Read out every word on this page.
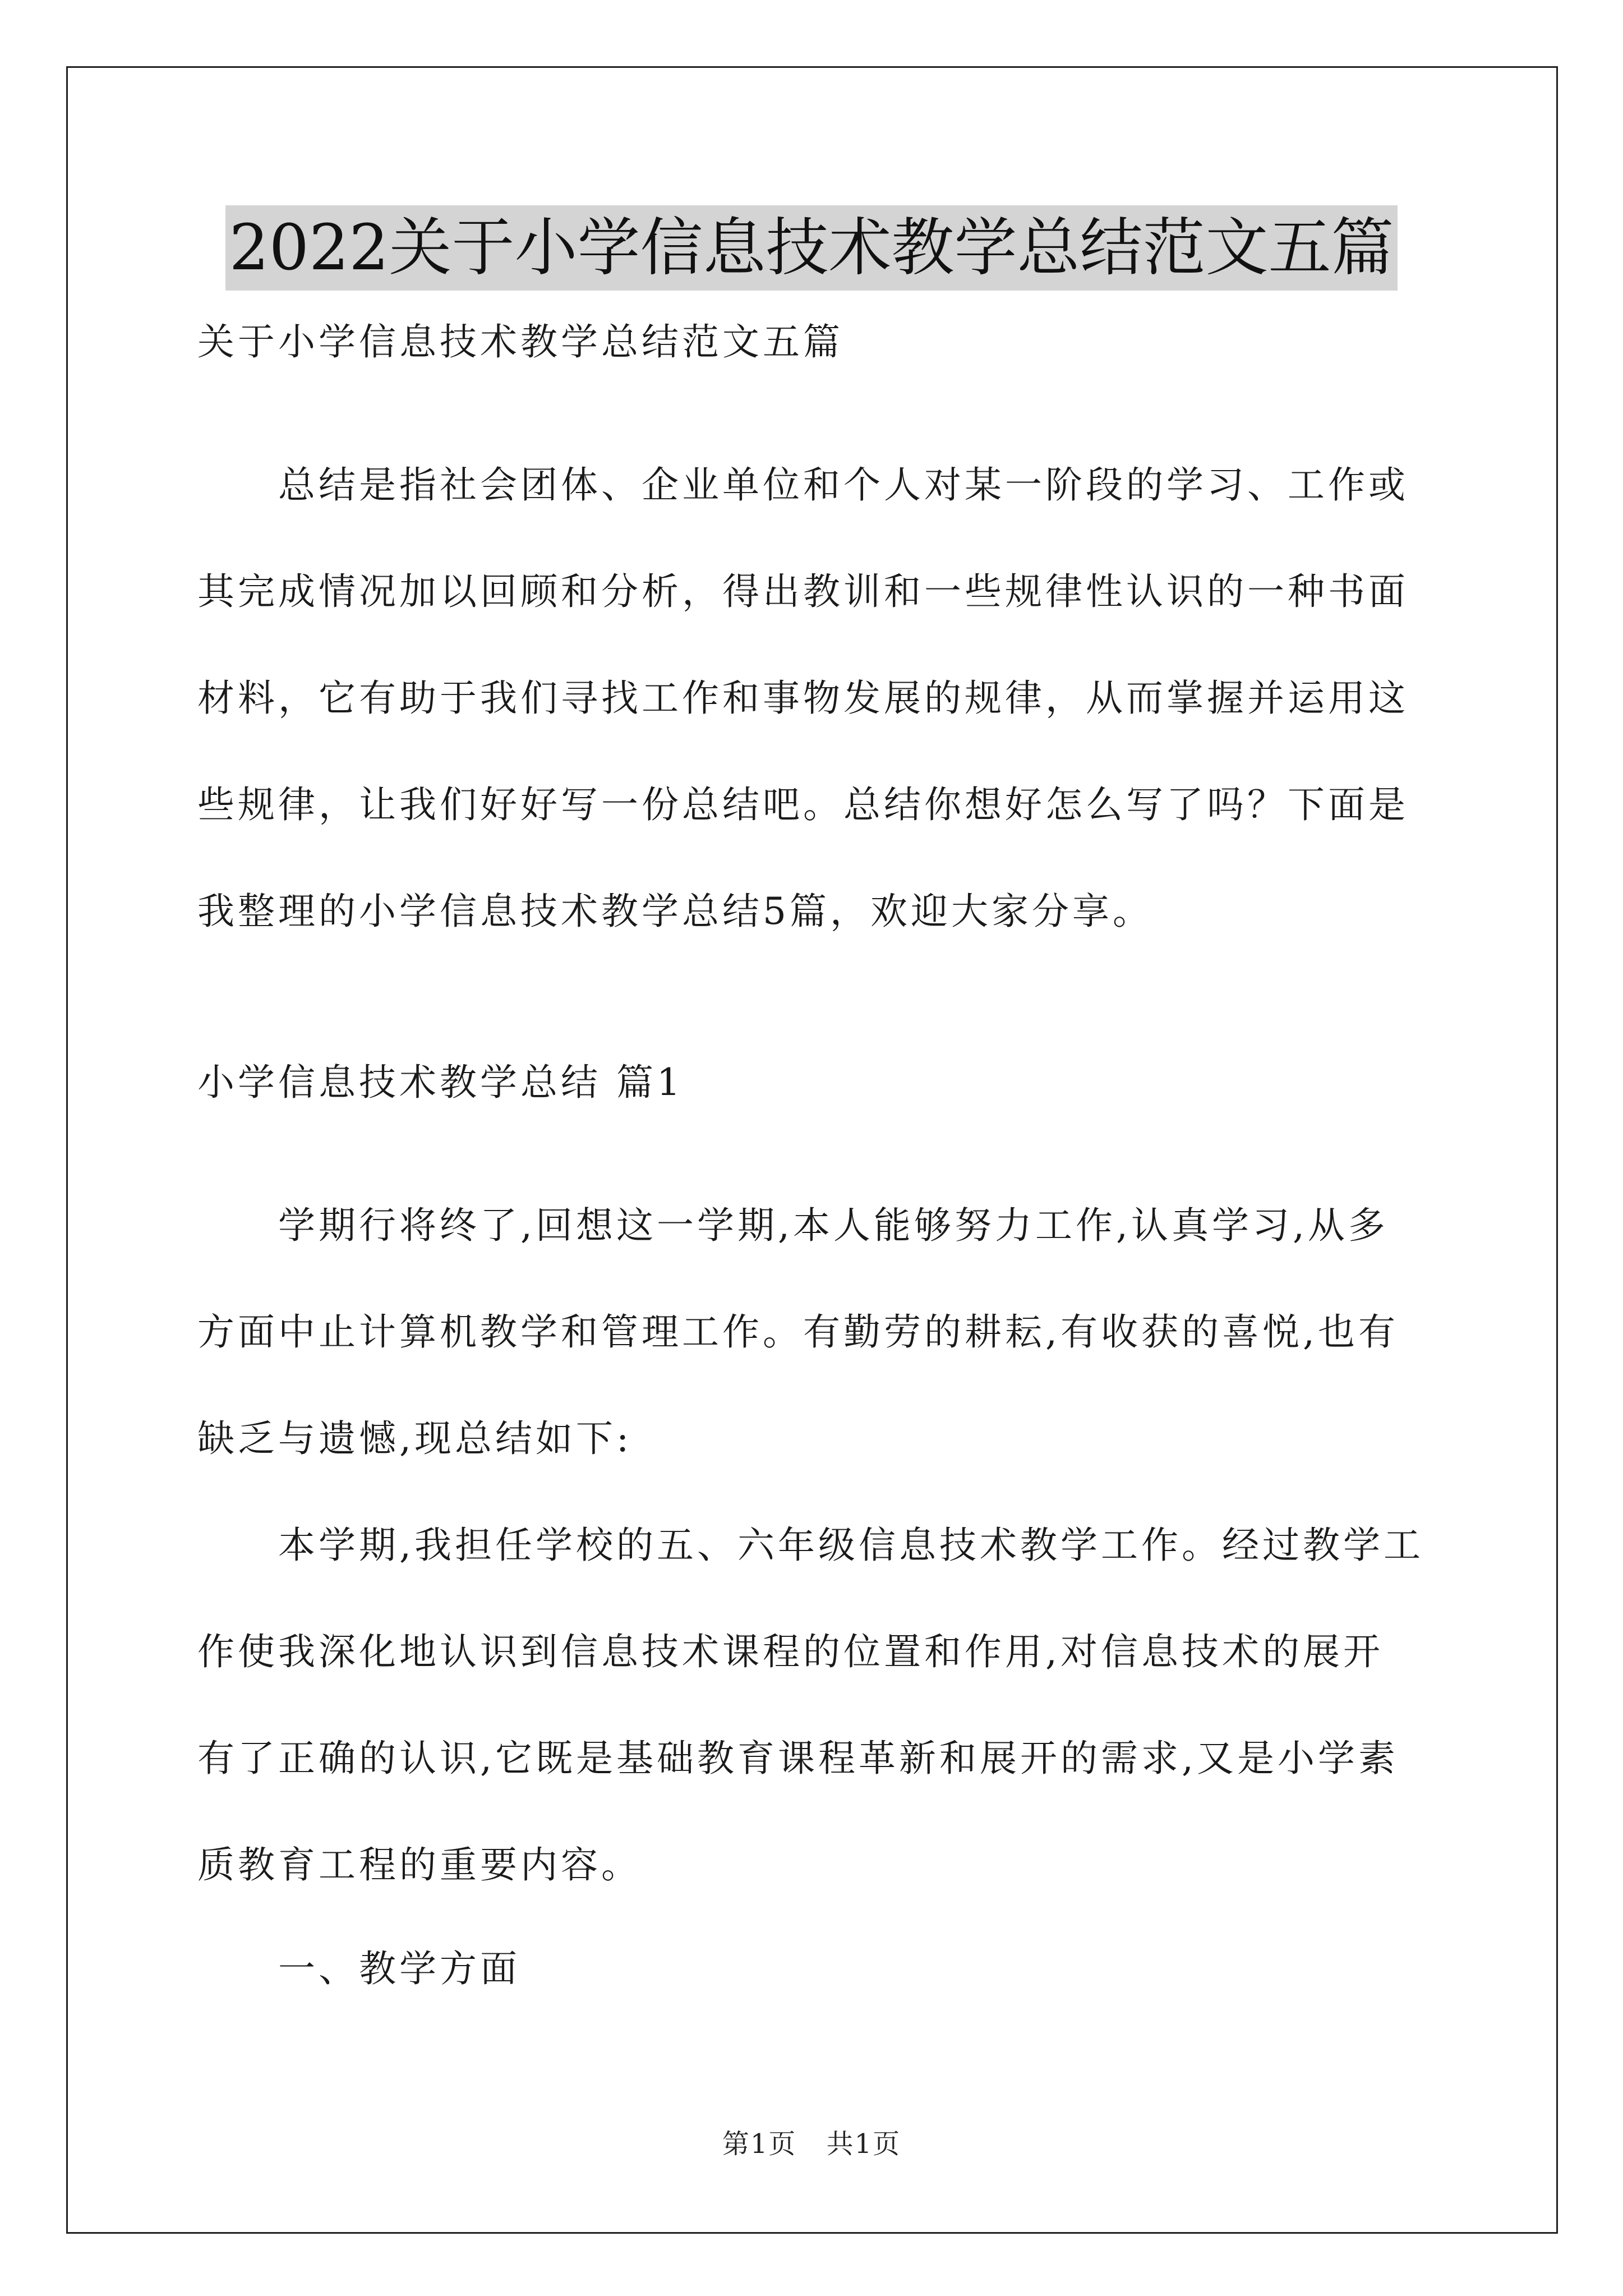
2022关于小学信息技术教学总结范文五篇
关于小学信息技术教学总结范文五篇
总结是指社会团体、企业单位和个人对某一阶段的学习、工作或
其完成情况加以回顾和分析，得出教训和一些规律性认识的一种书面
材料，它有助于我们寻找工作和事物发展的规律，从而掌握并运用这
些规律，让我们好好写一份总结吧。总结你想好怎么写了吗？下面是
我整理的小学信息技术教学总结5篇，欢迎大家分享。
小学信息技术教学总结 篇1
学期行将终了,回想这一学期,本人能够努力工作,认真学习,从多
方面中止计算机教学和管理工作。有勤劳的耕耘,有收获的喜悦,也有
缺乏与遗憾,现总结如下:
本学期,我担任学校的五、六年级信息技术教学工作。经过教学工
作使我深化地认识到信息技术课程的位置和作用,对信息技术的展开
有了正确的认识,它既是基础教育课程革新和展开的需求,又是小学素
质教育工程的重要内容。
一、教学方面
第1页 共1页
